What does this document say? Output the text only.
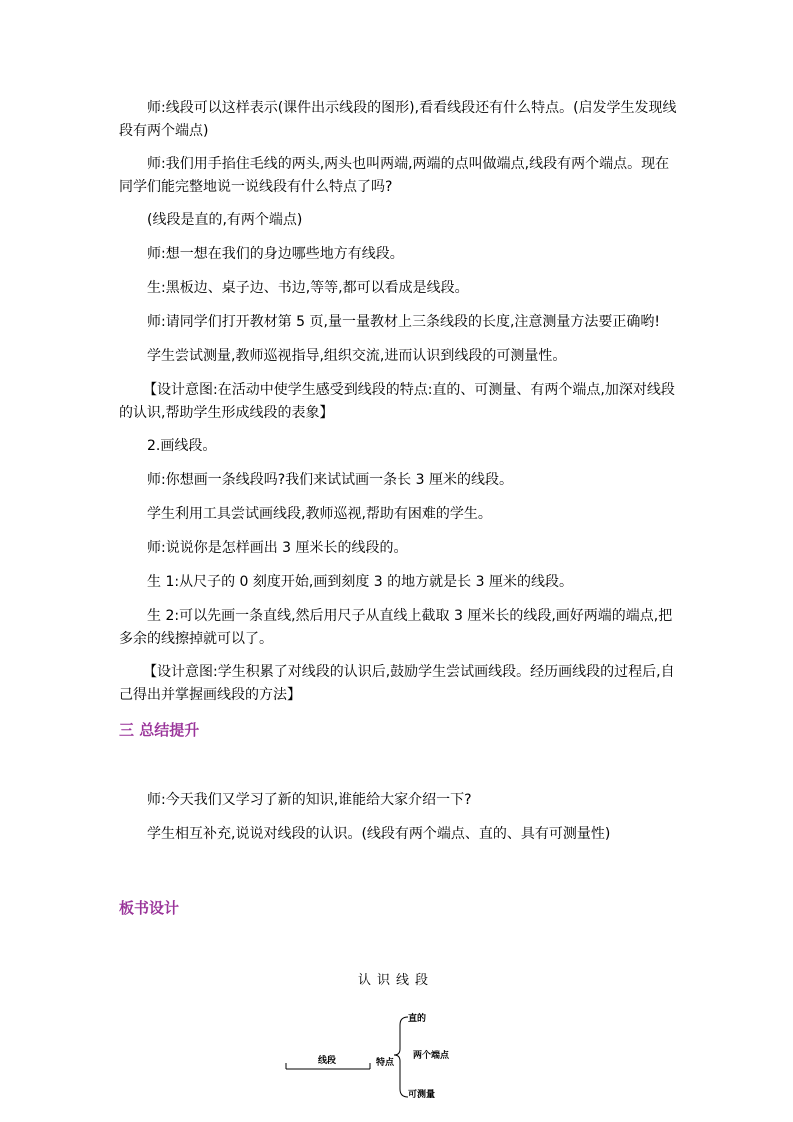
师:线段可以这样表示(课件出示线段的图形),看看线段还有什么特点。(启发学生发现线段有两个端点)

师:我们用手掐住毛线的两头,两头也叫两端,两端的点叫做端点,线段有两个端点。现在同学们能完整地说一说线段有什么特点了吗?

(线段是直的,有两个端点)

师:想一想在我们的身边哪些地方有线段。

生:黑板边、桌子边、书边,等等,都可以看成是线段。

师:请同学们打开教材第 5 页,量一量教材上三条线段的长度,注意测量方法要正确哟!

学生尝试测量,教师巡视指导,组织交流,进而认识到线段的可测量性。

【设计意图:在活动中使学生感受到线段的特点:直的、可测量、有两个端点,加深对线段的认识,帮助学生形成线段的表象】

2.画线段。

师:你想画一条线段吗?我们来试试画一条长 3 厘米的线段。

学生利用工具尝试画线段,教师巡视,帮助有困难的学生。

师:说说你是怎样画出 3 厘米长的线段的。

生 1:从尺子的 0 刻度开始,画到刻度 3 的地方就是长 3 厘米的线段。

生 2:可以先画一条直线,然后用尺子从直线上截取 3 厘米长的线段,画好两端的端点,把多余的线擦掉就可以了。

【设计意图:学生积累了对线段的认识后,鼓励学生尝试画线段。经历画线段的过程后,自己得出并掌握画线段的方法】

三 总结提升

师:今天我们又学习了新的知识,谁能给大家介绍一下?

学生相互补充,说说对线段的认识。(线段有两个端点、直的、具有可测量性)

板书设计

认识线段

线段	特点
直的
两个端点
可测量
